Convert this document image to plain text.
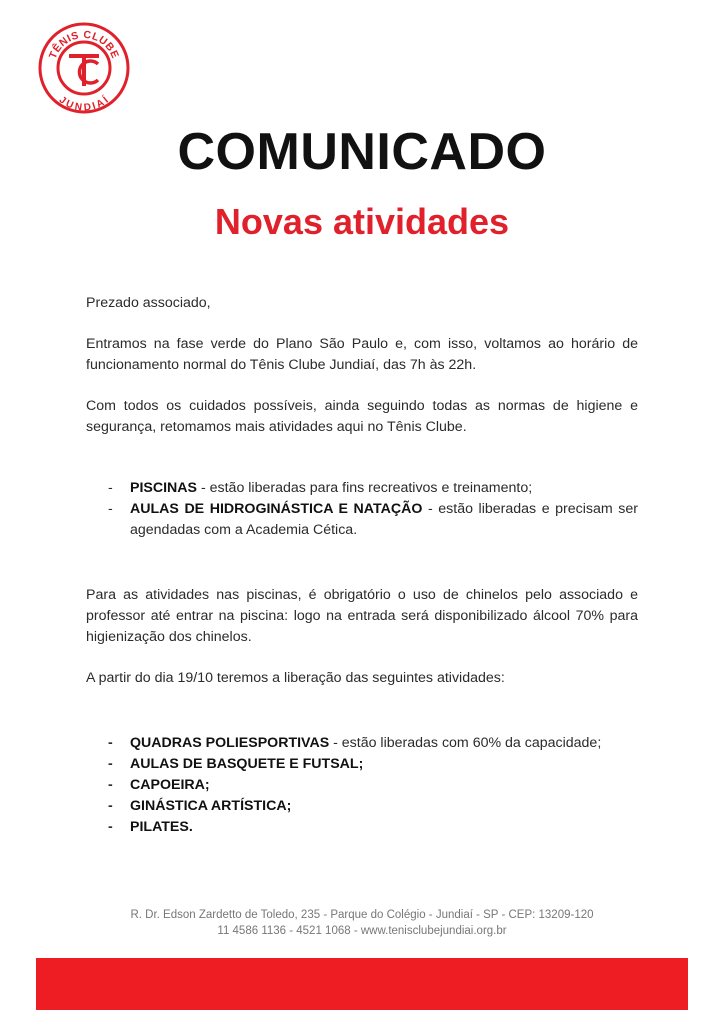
TÊNIS CLUBE
JUNDIAÍ
TC
COMUNICADO
Novas atividades

Prezado associado,

Entramos na fase verde do Plano São Paulo e, com isso, voltamos ao horário de funcionamento normal do Tênis Clube Jundiaí, das 7h às 22h.

Com todos os cuidados possíveis, ainda seguindo todas as normas de higiene e segurança, retomamos mais atividades aqui no Tênis Clube.

- PISCINAS - estão liberadas para fins recreativos e treinamento;
- AULAS DE HIDROGINÁSTICA E NATAÇÃO - estão liberadas e precisam ser agendadas com a Academia Cética.

Para as atividades nas piscinas, é obrigatório o uso de chinelos pelo associado e professor até entrar na piscina: logo na entrada será disponibilizado álcool 70% para higienização dos chinelos.

A partir do dia 19/10 teremos a liberação das seguintes atividades:

- QUADRAS POLIESPORTIVAS - estão liberadas com 60% da capacidade;
- AULAS DE BASQUETE E FUTSAL;
- CAPOEIRA;
- GINÁSTICA ARTÍSTICA;
- PILATES.
R. Dr. Edson Zardetto de Toledo, 235 - Parque do Colégio - Jundiaí - SP - CEP: 13209-120
11 4586 1136 - 4521 1068 - www.tenisclubejundiai.org.br
